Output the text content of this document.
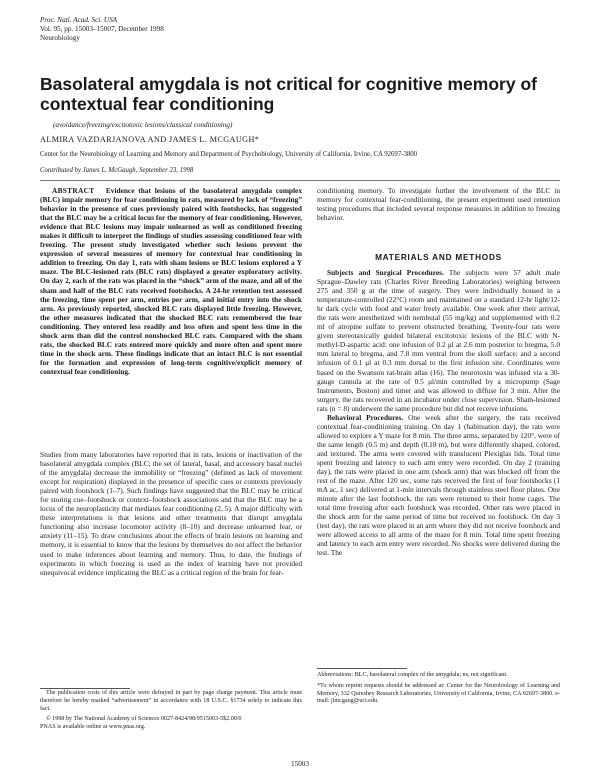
Proc. Natl. Acad. Sci. USA
Vol. 95, pp. 15003–15007, December 1998
Neurobiology
Basolateral amygdala is not critical for cognitive memory of contextual fear conditioning
(avoidance/freezing/excitotoxic lesions/classical conditioning)
ALMIRA VAZDARJANOVA AND JAMES L. MCGAUGH*
Center for the Neurobiology of Learning and Memory and Department of Psychobiology, University of California, Irvine, CA 92697-3800
Contributed by James L. McGaugh, September 23, 1998
ABSTRACT Evidence that lesions of the basolateral amygdala complex (BLC) impair memory for fear conditioning in rats, measured by lack of “freezing” behavior in the presence of cues previously paired with footshocks, has suggested that the BLC may be a critical locus for the memory of fear conditioning. However, evidence that BLC lesions may impair unlearned as well as conditioned freezing makes it difficult to interpret the findings of studies assessing conditioned fear with freezing. The present study investigated whether such lesions prevent the expression of several measures of memory for contextual fear conditioning in addition to freezing. On day 1, rats with sham lesions or BLC lesions explored a Y maze. The BLC-lesioned rats (BLC rats) displayed a greater exploratory activity. On day 2, each of the rats was placed in the “shock” arm of the maze, and all of the sham and half of the BLC rats received footshocks. A 24-hr retention test assessed the freezing, time spent per arm, entries per arm, and initial entry into the shock arm. As previously reported, shocked BLC rats displayed little freezing. However, the other measures indicated that the shocked BLC rats remembered the fear conditioning. They entered less readily and less often and spent less time in the shock arm than did the control nonshocked BLC rats. Compared with the sham rats, the shocked BLC rats entered more quickly and more often and spent more time in the shock arm. These findings indicate that an intact BLC is not essential for the formation and expression of long-term cognitive/explicit memory of contextual fear conditioning.
Studies from many laboratories have reported that in rats, lesions or inactivation of the basolateral amygdala complex (BLC; the set of lateral, basal, and accessory basal nuclei of the amygdala) decrease the immobility or “freezing” (defined as lack of movement except for respiration) displayed in the presence of specific cues or contexts previously paired with footshock (1–7). Such findings have suggested that the BLC may be critical for storing cue–footshock or context–footshock associations and that the BLC may be a locus of the neuroplasticity that mediates fear conditioning (2, 5). A major difficulty with these interpretations is that lesions and other treatments that disrupt amygdala functioning also increase locomotor activity (8–10) and decrease unlearned fear, or anxiety (11–15). To draw conclusions about the effects of brain lesions on learning and memory, it is essential to know that the lesions by themselves do not affect the behavior used to make inferences about learning and memory. Thus, to date, the findings of experiments in which freezing is used as the index of learning have not provided unequivocal evidence implicating the BLC as a critical region of the brain for fear-

The publication costs of this article were defrayed in part by page charge payment. This article must therefore be hereby marked “advertisement” in accordance with 18 U.S.C. §1734 solely to indicate this fact.

© 1998 by The National Academy of Sciences 0027-8424/98/9515003-5$2.00/0

PNAS is available online at www.pnas.org.

conditioning memory. To investigate further the involvement of the BLC in memory for contextual fear-conditioning, the present experiment used retention testing procedures that included several response measures in addition to freezing behavior.
MATERIALS AND METHODS

Subjects and Surgical Procedures. The subjects were 57 adult male Sprague–Dawley rats (Charles River Breeding Laboratories) weighing between 275 and 350 g at the time of surgery. They were individually housed in a temperature-controlled (22°C) room and maintained on a standard 12-hr light/12-hr dark cycle with food and water freely available. One week after their arrival, the rats were anesthetized with nembutal (55 mg/kg) and supplemented with 0.2 ml of atropine sulfate to prevent obstructed breathing. Twenty-four rats were given stereotaxically guided bilateral excitotoxic lesions of the BLC with N-methyl-D-aspartic acid: one infusion of 0.2 μl at 2.6 mm posterior to bregma, 5.0 mm lateral to bregma, and 7.8 mm ventral from the skull surface; and a second infusion of 0.1 μl at 0.3 mm dorsal to the first infusion site. Coordinates were based on the Swanson rat-brain atlas (16). The neurotoxin was infused via a 30-gauge cannula at the rate of 0.5 μl/min controlled by a micropump (Sage Instruments, Boston) and timer and was allowed to diffuse for 3 min. After the surgery, the rats recovered in an incubator under close supervision. Sham-lesioned rats (n = 8) underwent the same procedure but did not receive infusions.

Behavioral Procedures. One week after the surgery, the rats received contextual fear-conditioning training. On day 1 (habituation day), the rats were allowed to explore a Y maze for 8 min. The three arms, separated by 120°, were of the same length (0.5 m) and depth (0.18 m), but were differently shaped, colored, and textured. The arms were covered with translucent Plexiglas lids. Total time spent freezing and latency to each arm entry were recorded. On day 2 (training day), the rats were placed in one arm (shock arm) that was blocked off from the rest of the maze. After 120 sec, some rats received the first of four footshocks (1 mA ac, 1 sec) delivered at 1-min intervals through stainless steel floor plates. One minute after the last footshock, the rats were returned to their home cages. The total time freezing after each footshock was recorded. Other rats were placed in the shock arm for the same period of time but received no footshock. On day 3 (test day), the rats were placed in an arm where they did not receive footshock and were allowed access to all arms of the maze for 8 min. Total time spent freezing and latency to each arm entry were recorded. No shocks were delivered during the test. The

Abbreviations: BLC, basolateral complex of the amygdala; ns, not significant.

*To whom reprint requests should be addressed at: Center for the Neurobiology of Learning and Memory, 332 Qureshey Research Laboratories, University of California, Irvine, CA 92697-3800. e-mail: jlmcgaug@uci.edu.

15003
